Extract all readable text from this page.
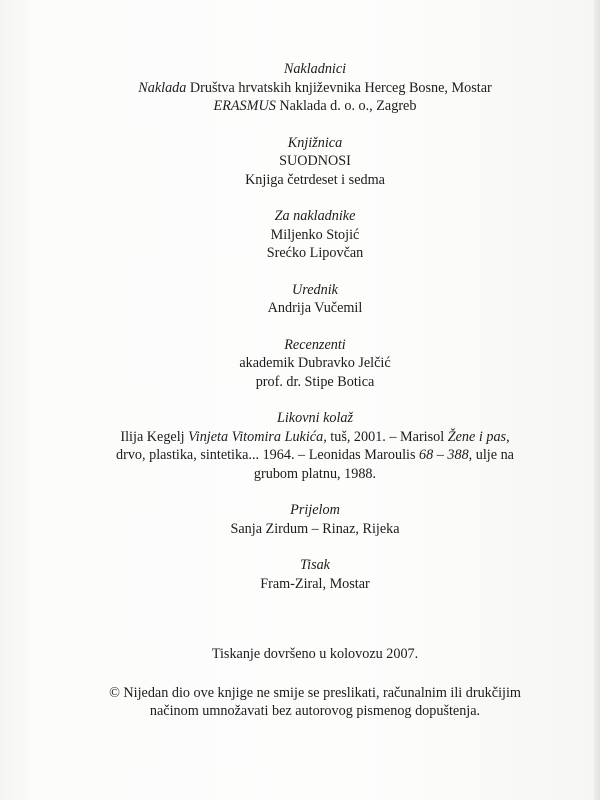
Nakladnici
Naklada Društva hrvatskih književnika Herceg Bosne, Mostar
ERASMUS Naklada d. o. o., Zagreb
Knjižnica
SUODNOSI
Knjiga četrdeset i sedma
Za nakladnike
Miljenko Stojić
Srećko Lipovčan
Urednik
Andrija Vučemil
Recenzenti
akademik Dubravko Jelčić
prof. dr. Stipe Botica
Likovni kolaž
Ilija Kegelj Vinjeta Vitomira Lukića, tuš, 2001. – Marisol Žene i pas,
drvo, plastika, sintetika... 1964. – Leonidas Maroulis 68 – 388, ulje na
grubom platnu, 1988.
Prijelom
Sanja Zirdum – Rinaz, Rijeka
Tisak
Fram-Ziral, Mostar
Tiskanje dovršeno u kolovozu 2007.
© Nijedan dio ove knjige ne smije se preslikati, računalnim ili drukčijim
načinom umnožavati bez autorovog pismenog dopuštenja.
